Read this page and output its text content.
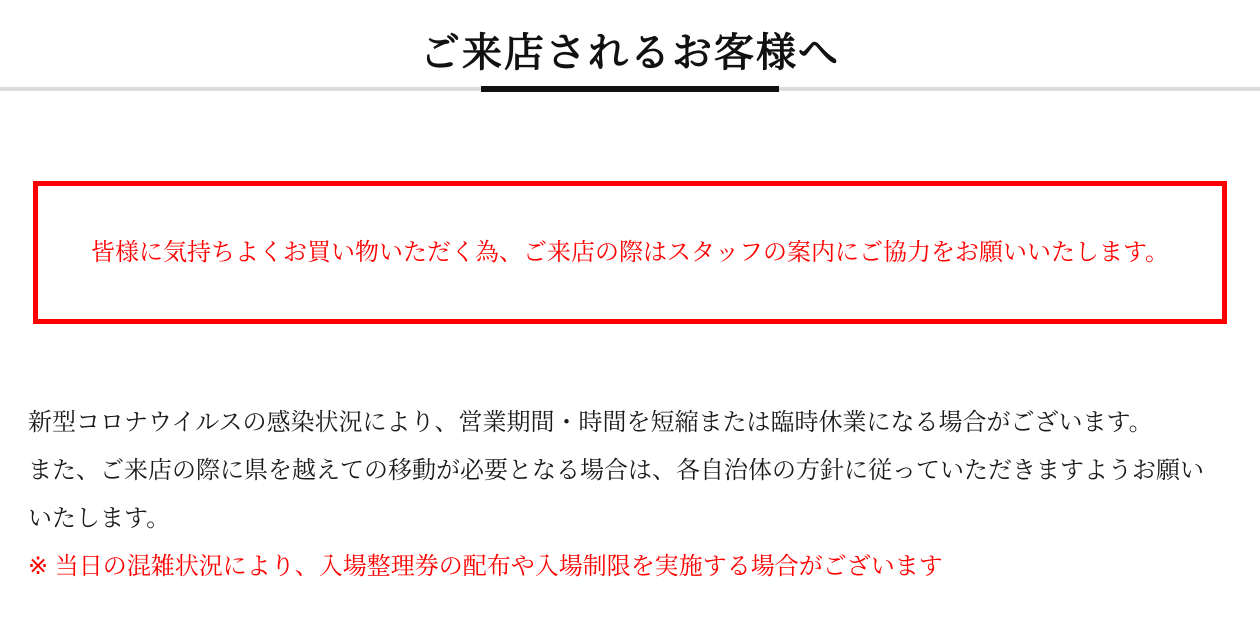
ご来店されるお客様へ

皆様に気持ちよくお買い物いただく為、ご来店の際はスタッフの案内にご協力をお願いいたします。

新型コロナウイルスの感染状況により、営業期間・時間を短縮または臨時休業になる場合がございます。

また、ご来店の際に県を越えての移動が必要となる場合は、各自治体の方針に従っていただきますようお願いいたします。

※ 当日の混雑状況により、入場整理券の配布や入場制限を実施する場合がございます
